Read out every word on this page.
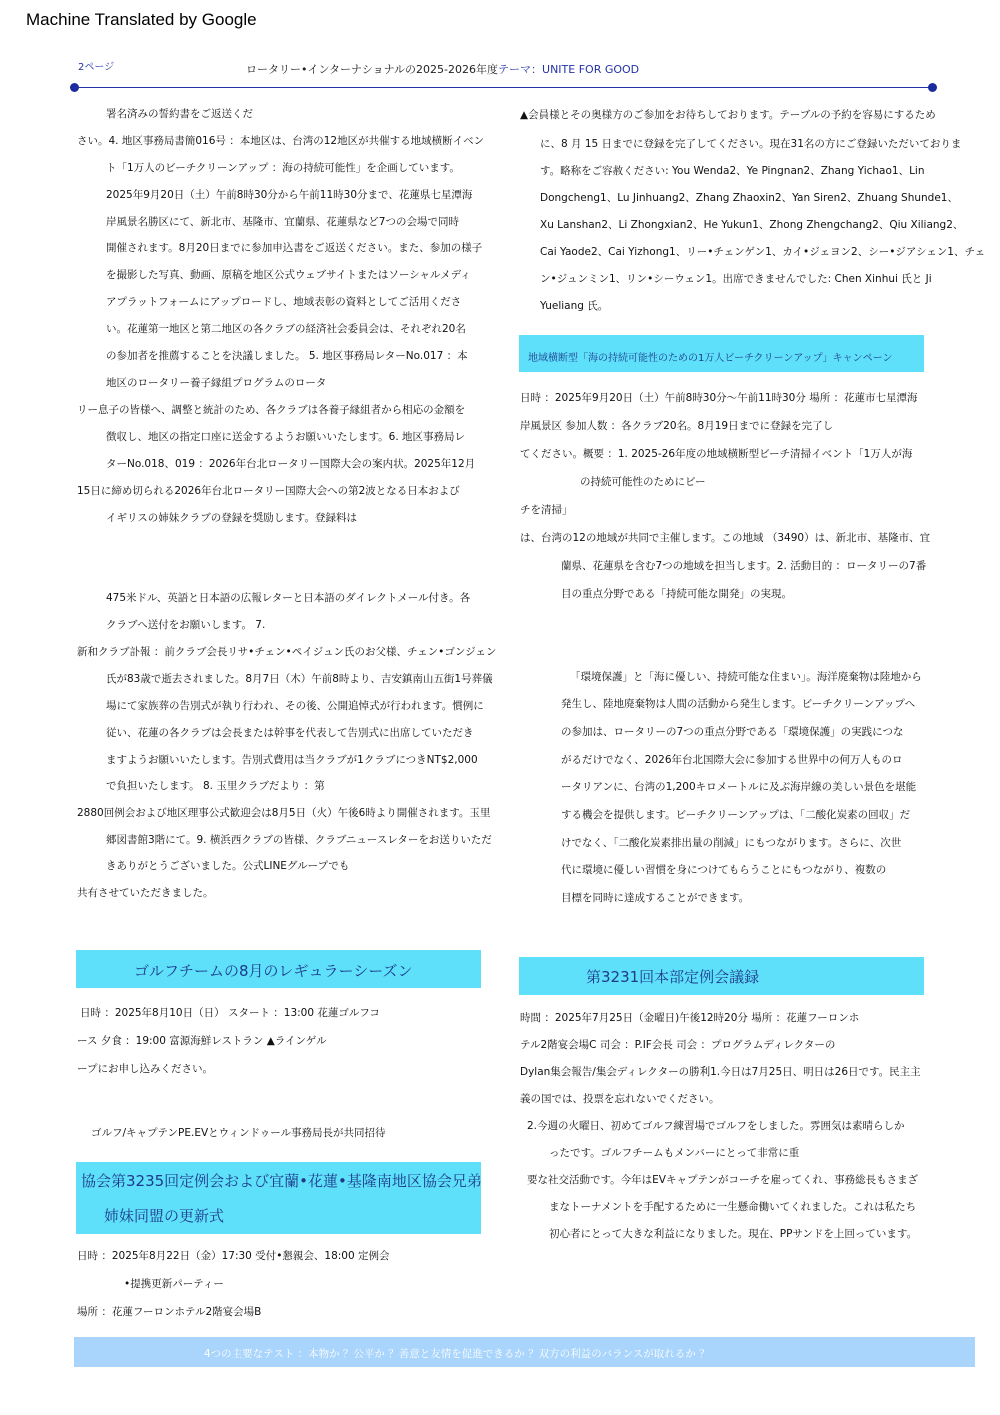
Machine Translated by Google
2ページ	ロータリー•インターナショナルの2025-2026年度テーマ：UNITE FOR GOOD
署名済みの誓約書をご返送くだ
さい。4. 地区事務局書簡016号 ：本地区は、台湾の12地区が共催する地域横断イベン
ト「1万人のビーチクリーンアップ ：海の持続可能性」を企画しています。
2025年9月20日（土）午前8時30分から午前11時30分まで、花蓮県七星潭海
岸風景名勝区にて、新北市、基隆市、宜蘭県、花蓮県など7つの会場で同時
開催されます。8月20日までに参加申込書をご返送ください。また、参加の様子
を撮影した写真、動画、原稿を地区公式ウェブサイトまたはソーシャルメディ
アプラットフォームにアップロードし、地域表彰の資料としてご活用くださ
い。花蓮第一地区と第二地区の各クラブの経済社会委員会は、それぞれ20名
の参加者を推薦することを決議しました。 5. 地区事務局レターNo.017 ：本
地区のロータリー養子縁組プログラムのロータ
リー息子の皆様へ、調整と統計のため、各クラブは各養子縁組者から相応の金額を
徴収し、地区の指定口座に送金するようお願いいたします。6. 地区事務局レ
ターNo.018、019 ：2026年台北ロータリー国際大会の案内状。2025年12月
15日に締め切られる2026年台北ロータリー国際大会への第2波となる日本および
イギリスの姉妹クラブの登録を奨励します。登録料は
475米ドル、英語と日本語の広報レターと日本語のダイレクトメール付き。各
クラブへ送付をお願いします。 7.
新和クラブ訃報 ：前クラブ会長リサ•チェン•ペイジュン氏のお父様、チェン•ゴンジェン
氏が83歳で逝去されました。8月7日（木）午前8時より、吉安鎮南山五街1号葬儀
場にて家族葬の告別式が執り行われ、その後、公開追悼式が行われます。慣例に
従い、花蓮の各クラブは会長または幹事を代表して告別式に出席していただき
ますようお願いいたします。告別式費用は当クラブが1クラブにつきNT$2,000
で負担いたします。 8. 玉里クラブだより ：第
2880回例会および地区理事公式歓迎会は8月5日（火）午後6時より開催されます。玉里
郷図書館3階にて。9. 横浜西クラブの皆様、クラブニュースレターをお送りいただ
きありがとうございました。公式LINEグループでも
共有させていただきました。
▲会員様とその奥様方のご参加をお待ちしております。テーブルの予約を容易にするため
に、8 月 15 日までに登録を完了してください。現在31名の方にご登録いただいておりま
す。略称をご容赦ください: You Wenda2、Ye Pingnan2、Zhang Yichao1、Lin
Dongcheng1、Lu Jinhuang2、Zhang Zhaoxin2、Yan Siren2、Zhuang Shunde1、
Xu Lanshan2、Li Zhongxian2、He Yukun1、Zhong Zhengchang2、Qiu Xiliang2、
Cai Yaode2、Cai Yizhong1、リー•チェンゲン1、カイ•ジェヨン2、シー•ジアシェン1、チェ
ン•ジュンミン1、リン•シーウェン1。出席できませんでした: Chen Xinhui 氏と Ji
Yueliang 氏。
地域横断型「海の持続可能性のための1万人ビーチクリーンアップ」キャンペーン
日時 ：2025年9月20日（土）午前8時30分〜午前11時30分 場所 ：花蓮市七星潭海
岸風景区 参加人数 ：各クラブ20名。8月19日までに登録を完了し
てください。概要 ：1. 2025-26年度の地域横断型ビーチ清掃イベント「1万人が海
の持続可能性のためにビー
チを清掃」
は、台湾の12の地域が共同で主催します。この地域 （3490）は、新北市、基隆市、宜
蘭県、花蓮県を含む7つの地域を担当します。2. 活動目的 ：ロータリーの7番
目の重点分野である「持続可能な開発」の実現。
「環境保護」と「海に優しい、持続可能な住まい」。海洋廃棄物は陸地から
発生し、陸地廃棄物は人間の活動から発生します。ビーチクリーンアップへ
の参加は、ロータリーの7つの重点分野である「環境保護」の実践につな
がるだけでなく、2026年台北国際大会に参加する世界中の何万人ものロ
ータリアンに、台湾の1,200キロメートルに及ぶ海岸線の美しい景色を堪能
する機会を提供します。ビーチクリーンアップは、「二酸化炭素の回収」だ
けでなく、「二酸化炭素排出量の削減」にもつながります。さらに、次世
代に環境に優しい習慣を身につけてもらうことにもつながり、複数の
目標を同時に達成することができます。
ゴルフチームの8月のレギュラーシーズン
日時 ：2025年8月10日（日） スタート ：13:00 花蓮ゴルフコ
ース 夕食 ：19:00 富源海鮮レストラン ▲ラインゲル
ープにお申し込みください。
ゴルフ/キャプテンPE.EVとウィンドゥール事務局長が共同招待
協会第3235回定例会および宜蘭•花蓮•基隆南地区協会兄弟
姉妹同盟の更新式
日時 ：2025年8月22日（金）17:30 受付•懇親会、18:00 定例会
•提携更新パーティー
場所 ：花蓮フーロンホテル2階宴会場B
第3231回本部定例会議録
時間 ：2025年7月25日（金曜日)午後12時20分 場所 ：花蓮フーロンホ
テル2階宴会場C 司会 ：P.IF会長 司会 ：プログラムディレクターの
Dylan集会報告/集会ディレクターの勝利1.今日は7月25日、明日は26日です。民主主
義の国では、投票を忘れないでください。
2.今週の火曜日、初めてゴルフ練習場でゴルフをしました。雰囲気は素晴らしか
ったです。ゴルフチームもメンバーにとって非常に重
要な社交活動です。今年はEVキャプテンがコーチを雇ってくれ、事務総長もさまざ
まなトーナメントを手配するために一生懸命働いてくれました。これは私たち
初心者にとって大きな利益になりました。現在、PPサンドを上回っています。
4つの主要なテスト ：本物か ？公平か ？善意と友情を促進できるか ？双方の利益のバランスが取れるか ？
